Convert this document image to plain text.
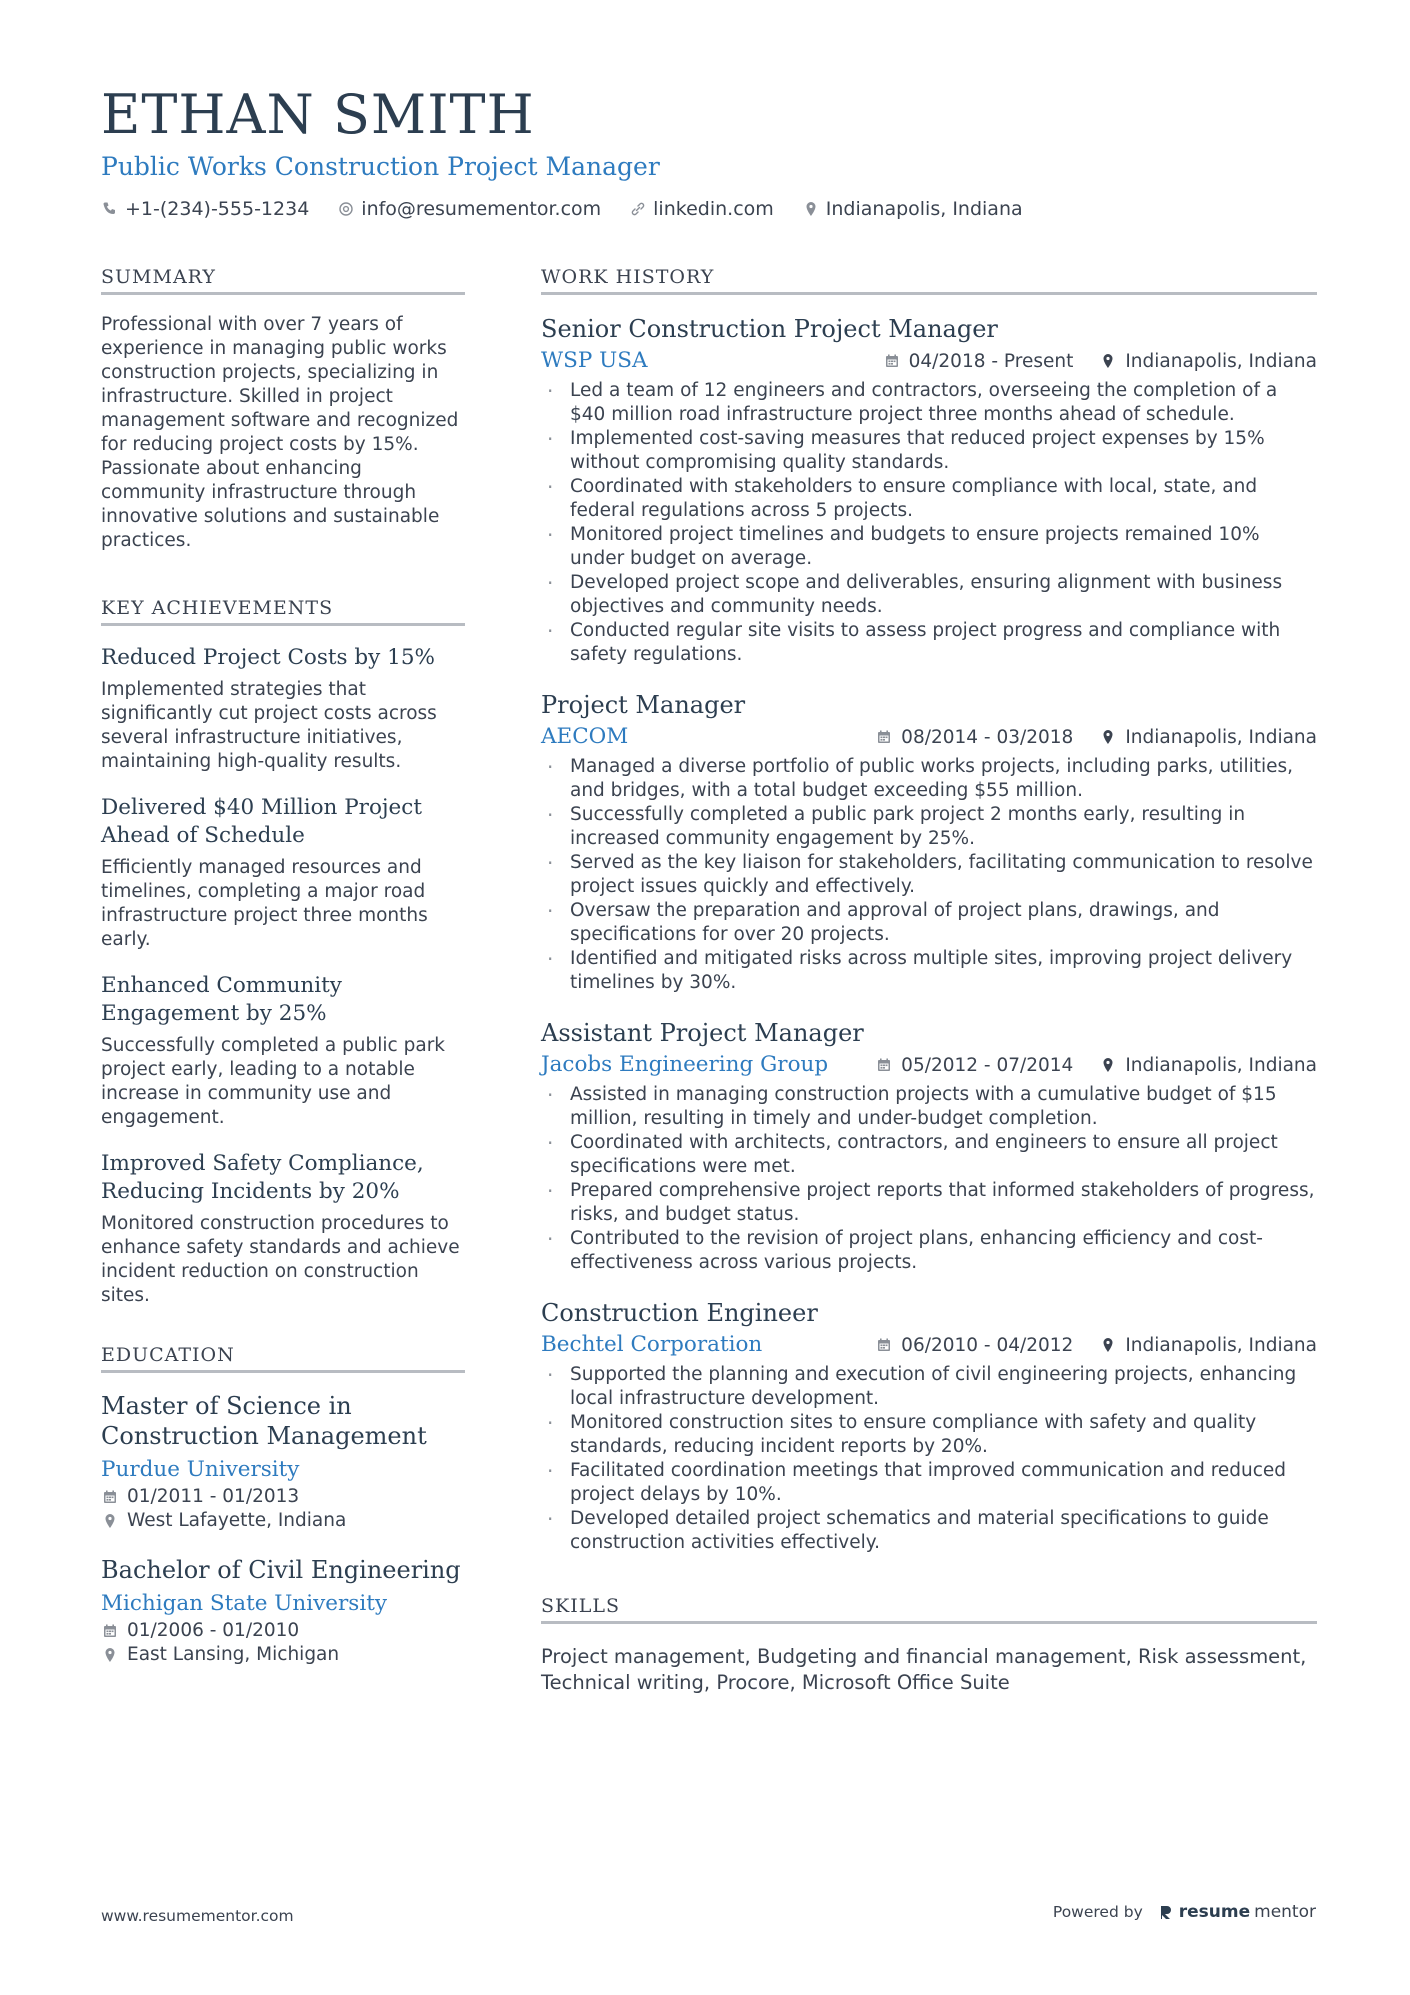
ETHAN SMITH
Public Works Construction Project Manager
+1-(234)-555-1234	info@resumementor.com	linkedin.com	Indianapolis, Indiana
SUMMARY

Professional with over 7 years of experience in managing public works construction projects, specializing in infrastructure. Skilled in project management software and recognized for reducing project costs by 15%. Passionate about enhancing community infrastructure through innovative solutions and sustainable practices.

KEY ACHIEVEMENTS
Reduced Project Costs by 15%
Implemented strategies that significantly cut project costs across several infrastructure initiatives, maintaining high-quality results.
Delivered $40 Million Project Ahead of Schedule
Efficiently managed resources and timelines, completing a major road infrastructure project three months early.
Enhanced Community Engagement by 25%
Successfully completed a public park project early, leading to a notable increase in community use and engagement.
Improved Safety Compliance, Reducing Incidents by 20%
Monitored construction procedures to enhance safety standards and achieve incident reduction on construction sites.
EDUCATION
Master of Science in Construction Management
Purdue University
01/2011 - 01/2013
West Lafayette, Indiana
Bachelor of Civil Engineering
Michigan State University
01/2006 - 01/2010
East Lansing, Michigan
WORK HISTORY
Senior Construction Project Manager
WSP USA	04/2018 - Present	Indianapolis, Indiana
· Led a team of 12 engineers and contractors, overseeing the completion of a $40 million road infrastructure project three months ahead of schedule.
· Implemented cost-saving measures that reduced project expenses by 15% without compromising quality standards.
· Coordinated with stakeholders to ensure compliance with local, state, and federal regulations across 5 projects.
· Monitored project timelines and budgets to ensure projects remained 10% under budget on average.
· Developed project scope and deliverables, ensuring alignment with business objectives and community needs.
· Conducted regular site visits to assess project progress and compliance with safety regulations.
Project Manager
AECOM	08/2014 - 03/2018	Indianapolis, Indiana
· Managed a diverse portfolio of public works projects, including parks, utilities, and bridges, with a total budget exceeding $55 million.
· Successfully completed a public park project 2 months early, resulting in increased community engagement by 25%.
· Served as the key liaison for stakeholders, facilitating communication to resolve project issues quickly and effectively.
· Oversaw the preparation and approval of project plans, drawings, and specifications for over 20 projects.
· Identified and mitigated risks across multiple sites, improving project delivery timelines by 30%.
Assistant Project Manager
Jacobs Engineering Group	05/2012 - 07/2014	Indianapolis, Indiana
· Assisted in managing construction projects with a cumulative budget of $15 million, resulting in timely and under-budget completion.
· Coordinated with architects, contractors, and engineers to ensure all project specifications were met.
· Prepared comprehensive project reports that informed stakeholders of progress, risks, and budget status.
· Contributed to the revision of project plans, enhancing efficiency and cost-effectiveness across various projects.
Construction Engineer
Bechtel Corporation	06/2010 - 04/2012	Indianapolis, Indiana
· Supported the planning and execution of civil engineering projects, enhancing local infrastructure development.
· Monitored construction sites to ensure compliance with safety and quality standards, reducing incident reports by 20%.
· Facilitated coordination meetings that improved communication and reduced project delays by 10%.
· Developed detailed project schematics and material specifications to guide construction activities effectively.
SKILLS

Project management, Budgeting and financial management, Risk assessment, Technical writing, Procore, Microsoft Office Suite

www.resumementor.com	Powered by resume mentor
